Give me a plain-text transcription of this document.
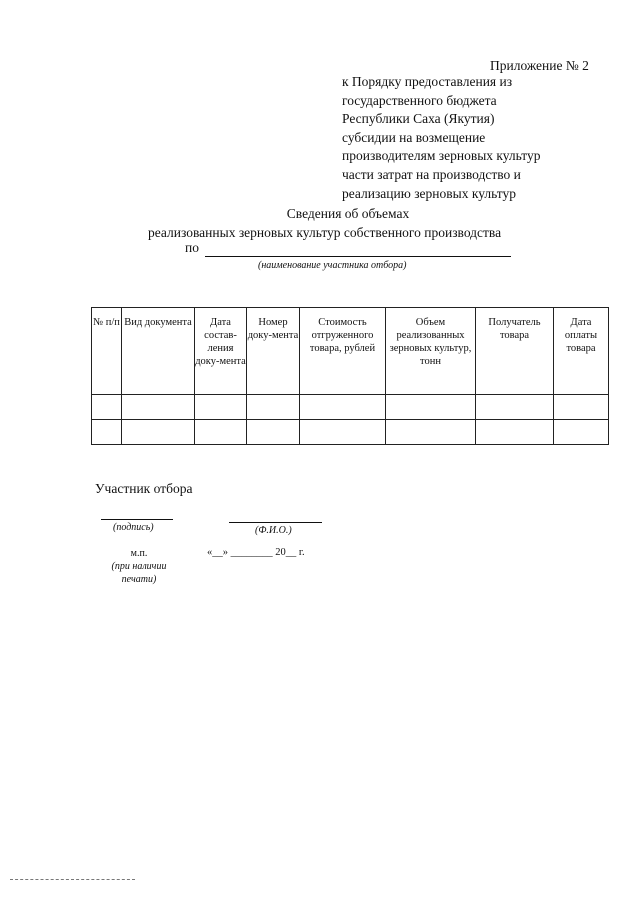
Приложение № 2
к Порядку предоставления из
государственного бюджета
Республики Саха (Якутия)
субсидии на возмещение
производителям зерновых культур
части затрат на производство и
реализацию зерновых культур
Сведения об объемах
реализованных зерновых культур собственного производства
по
(наименование участника отбора)
№ п/п	Вид документа	Дата состав-ления доку-мента	Номер доку-мента	Стоимость отгруженного товара, рублей	Объем реализованных зерновых культур, тонн	Получатель товара	Дата оплаты товара

Участник отбора
(подпись)	(Ф.И.О.)
м.п.
(при наличии
печати)
«__» ________ 20__ г.
